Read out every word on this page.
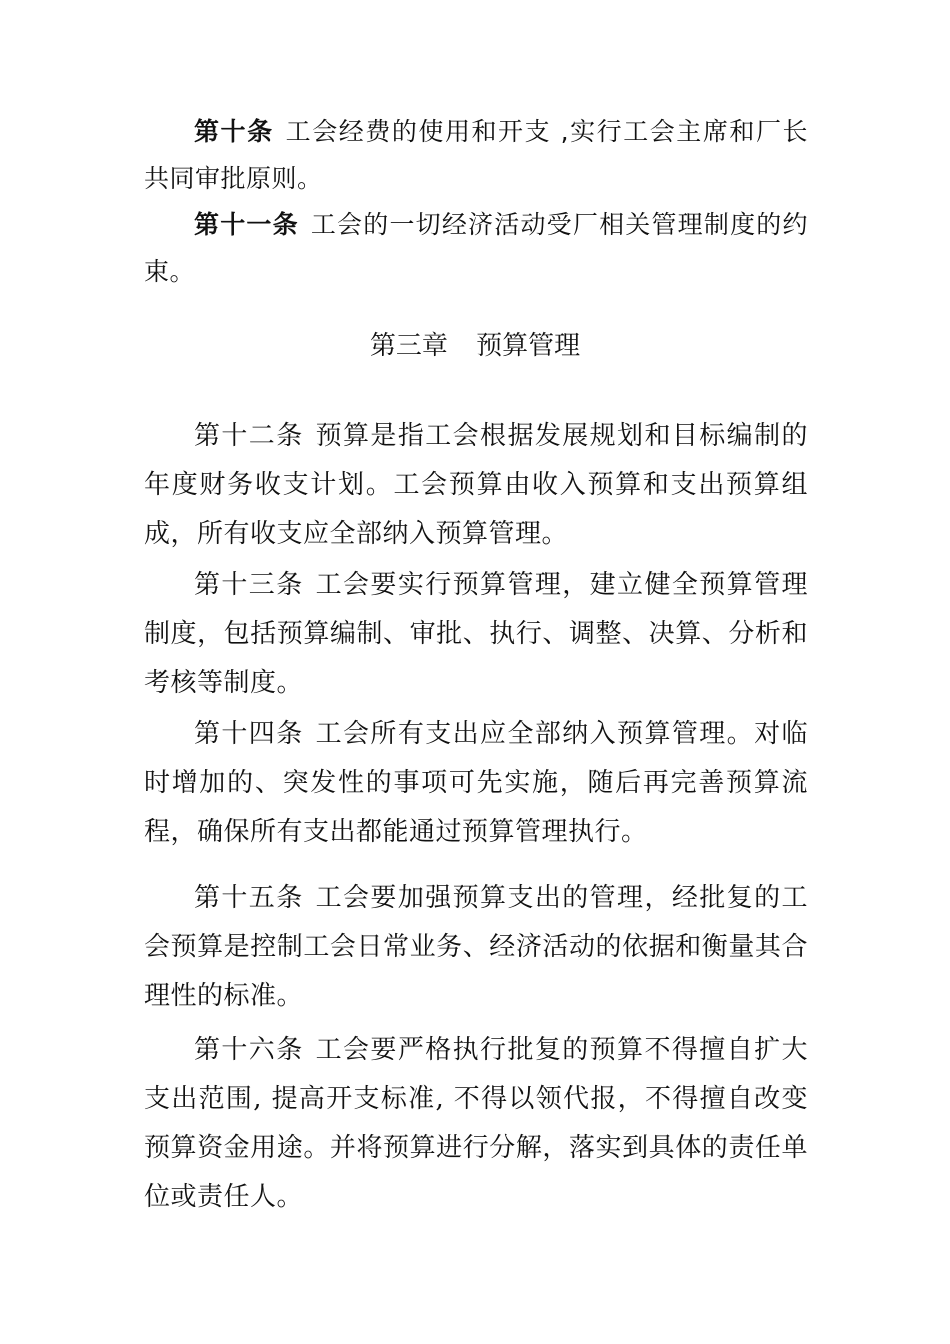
第十条 工会经费的使用和开支 ,实行工会主席和厂长共同审批原则。

第十一条 工会的一切经济活动受厂相关管理制度的约束。

第三章 预算管理

第十二条 预算是指工会根据发展规划和目标编制的年度财务收支计划。工会预算由收入预算和支出预算组成，所有收支应全部纳入预算管理。

第十三条 工会要实行预算管理，建立健全预算管理制度，包括预算编制、审批、执行、调整、决算、分析和考核等制度。

第十四条 工会所有支出应全部纳入预算管理。对临时增加的、突发性的事项可先实施，随后再完善预算流程，确保所有支出都能通过预算管理执行。

第十五条 工会要加强预算支出的管理，经批复的工会预算是控制工会日常业务、经济活动的依据和衡量其合理性的标准。

第十六条 工会要严格执行批复的预算不得擅自扩大支出范围, 提高开支标准, 不得以领代报，不得擅自改变预算资金用途。并将预算进行分解，落实到具体的责任单位或责任人。
